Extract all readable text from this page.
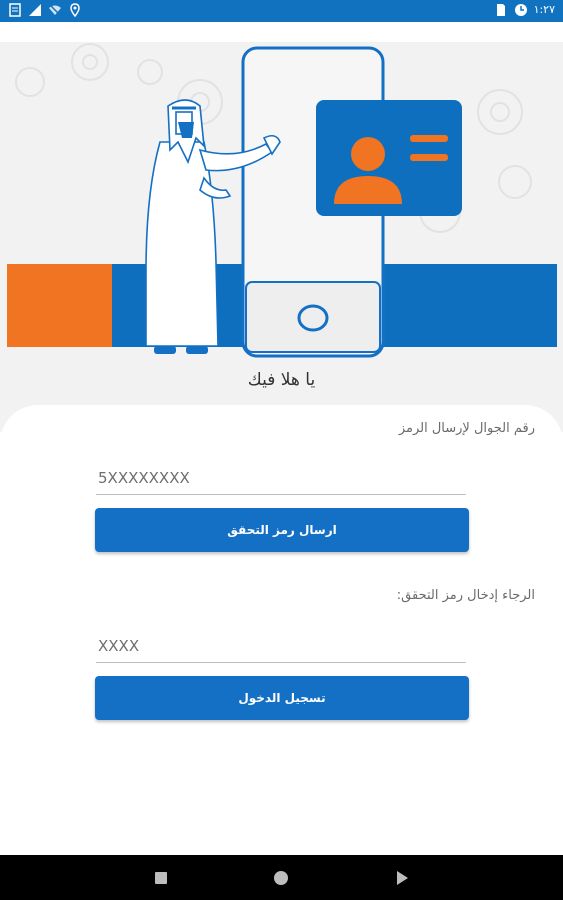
١:٢٧
يا هلا فيك
رقم الجوال لإرسال الرمز
5XXXXXXXX
ارسال رمز التحقق
الرجاء إدخال رمز التحقق:
XXXX
تسجيل الدخول
